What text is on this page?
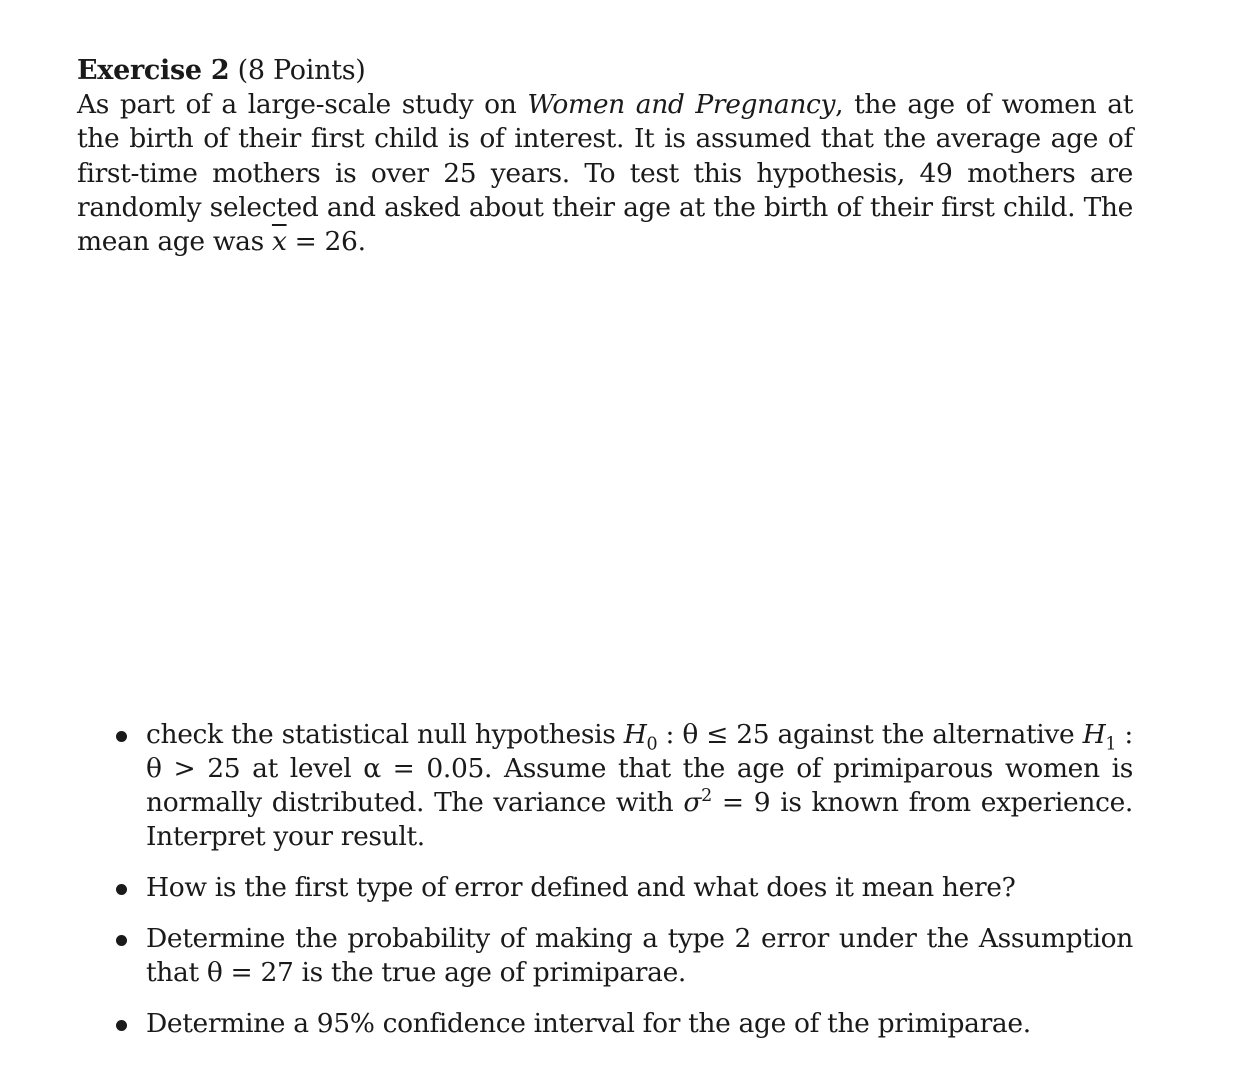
Exercise 2 (8 Points)

As part of a large-scale study on Women and Pregnancy, the age of women at the birth of their first child is of interest. It is assumed that the average age of first-time mothers is over 25 years. To test this hypothesis, 49 mothers are randomly selected and asked about their age at the birth of their first child. The mean age was $\overline{x} = 26$.

check the statistical null hypothesis $H_0$ : θ ≤ 25 against the alternative $H_1$ : θ > 25 at level α = 0.05. Assume that the age of primiparous women is normally distributed. The variance with $\sigma^2 = 9$ is known from experience. Interpret your result.
How is the first type of error defined and what does it mean here?
Determine the probability of making a type 2 error under the Assumption that θ = 27 is the true age of primiparae.
Determine a 95% confidence interval for the age of the primiparae.
